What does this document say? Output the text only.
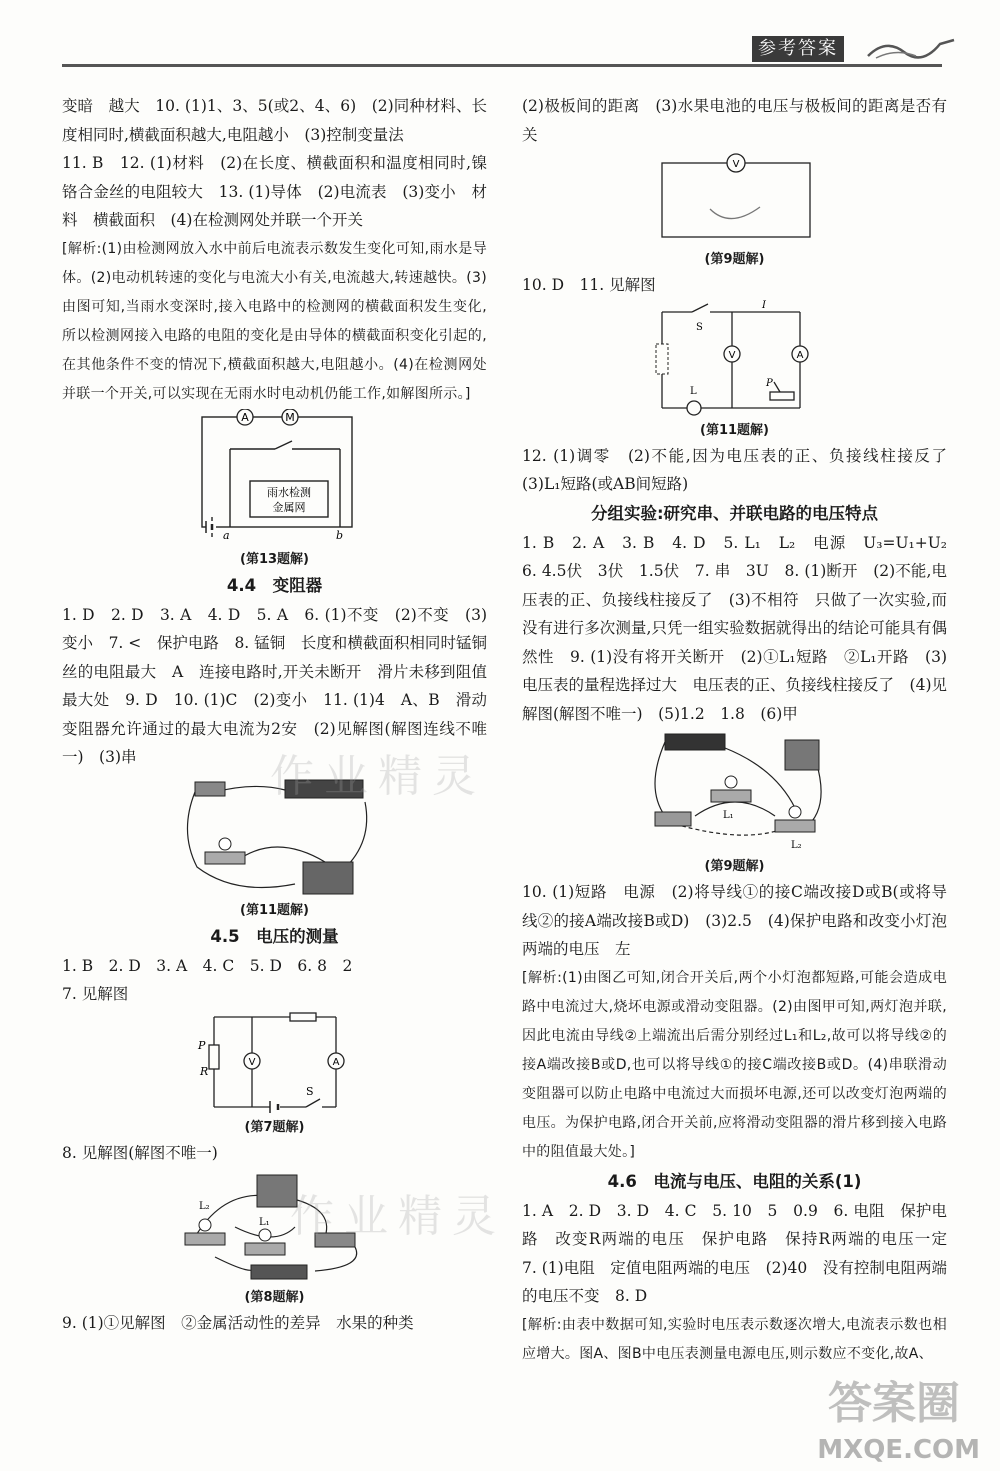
参考答案

变暗　越大　10. (1)1、3、5(或2、4、6)　(2)同种材料、长度相同时,横截面积越大,电阻越小　(3)控制变量法

11. B　12. (1)材料　(2)在长度、横截面积和温度相同时,镍铬合金丝的电阻较大　13. (1)导体　(2)电流表　(3)变小　材料　横截面积　(4)在检测网处并联一个开关

[解析:(1)由检测网放入水中前后电流表示数发生变化可知,雨水是导体。(2)电动机转速的变化与电流大小有关,电流越大,转速越快。(3)由图可知,当雨水变深时,接入电路中的检测网的横截面积发生变化,所以检测网接入电路的电阻的变化是由导体的横截面积变化引起的,在其他条件不变的情况下,横截面积越大,电阻越小。(4)在检测网处并联一个开关,可以实现在无雨水时电动机仍能工作,如解图所示。]

A	M
雨水检测
金属网
a	b

(第13题解)

4.4　变阻器

1. D　2. D　3. A　4. D　5. A　6. (1)不变　(2)不变　(3)变小　7. <　保护电路　8. 锰铜　长度和横截面积相同时锰铜丝的电阻最大　A　连接电路时,开关未断开　滑片未移到阻值最大处　9. D　10. (1)C　(2)变小　11. (1)4　A、B　滑动变阻器允许通过的最大电流为2安　(2)见解图(解图连线不唯一)　(3)串

(第11题解)

4.5　电压的测量

1. B　2. D　3. A　4. C　5. D　6. 8　2

7. 见解图

V	A
P
R
S

(第7题解)

8. 见解图(解图不唯一)

L₂
L₁

(第8题解)

9. (1)①见解图　②金属活动性的差异　水果的种类

(2)极板间的距离　(3)水果电池的电压与极板间的距离是否有关

V

(第9题解)

10. D　11. 见解图

V	A
S
I
L
P

(第11题解)

12. (1)调零　(2)不能,因为电压表的正、负接线柱接反了　(3)L₁短路(或AB间短路)

分组实验:研究串、并联电路的电压特点

1. B　2. A　3. B　4. D　5. L₁　L₂　电源　U₃=U₁+U₂　6. 4.5伏　3伏　1.5伏　7. 串　3U　8. (1)断开　(2)不能,电压表的正、负接线柱接反了　(3)不相符　只做了一次实验,而没有进行多次测量,只凭一组实验数据就得出的结论可能具有偶然性　9. (1)没有将开关断开　(2)①L₁短路　②L₁开路　(3)电压表的量程选择过大　电压表的正、负接线柱接反了　(4)见解图(解图不唯一)　(5)1.2　1.8　(6)甲

L₁
L₂

(第9题解)

10. (1)短路　电源　(2)将导线①的接C端改接D或B(或将导线②的接A端改接B或D)　(3)2.5　(4)保护电路和改变小灯泡两端的电压　左

[解析:(1)由图乙可知,闭合开关后,两个小灯泡都短路,可能会造成电路中电流过大,烧坏电源或滑动变阻器。(2)由图甲可知,两灯泡并联,因此电流由导线②上端流出后需分别经过L₁和L₂,故可以将导线②的接A端改接B或D,也可以将导线①的接C端改接B或D。(4)串联滑动变阻器可以防止电路中电流过大而损坏电源,还可以改变灯泡两端的电压。为保护电路,闭合开关前,应将滑动变阻器的滑片移到接入电路中的阻值最大处。]

4.6　电流与电压、电阻的关系(1)

1. A　2. D　3. D　4. C　5. 10　5　0.9　6. 电阻　保护电路　改变R两端的电压　保护电路　保持R两端的电压一定　7. (1)电阻　定值电阻两端的电压　(2)40　没有控制电阻两端的电压不变　8. D

[解析:由表中数据可知,实验时电压表示数逐次增大,电流表示数也相应增大。图A、图B中电压表测量电源电压,则示数应不变化,故A、

作业精灵
作业精灵
答案圈
MXQE.COM
